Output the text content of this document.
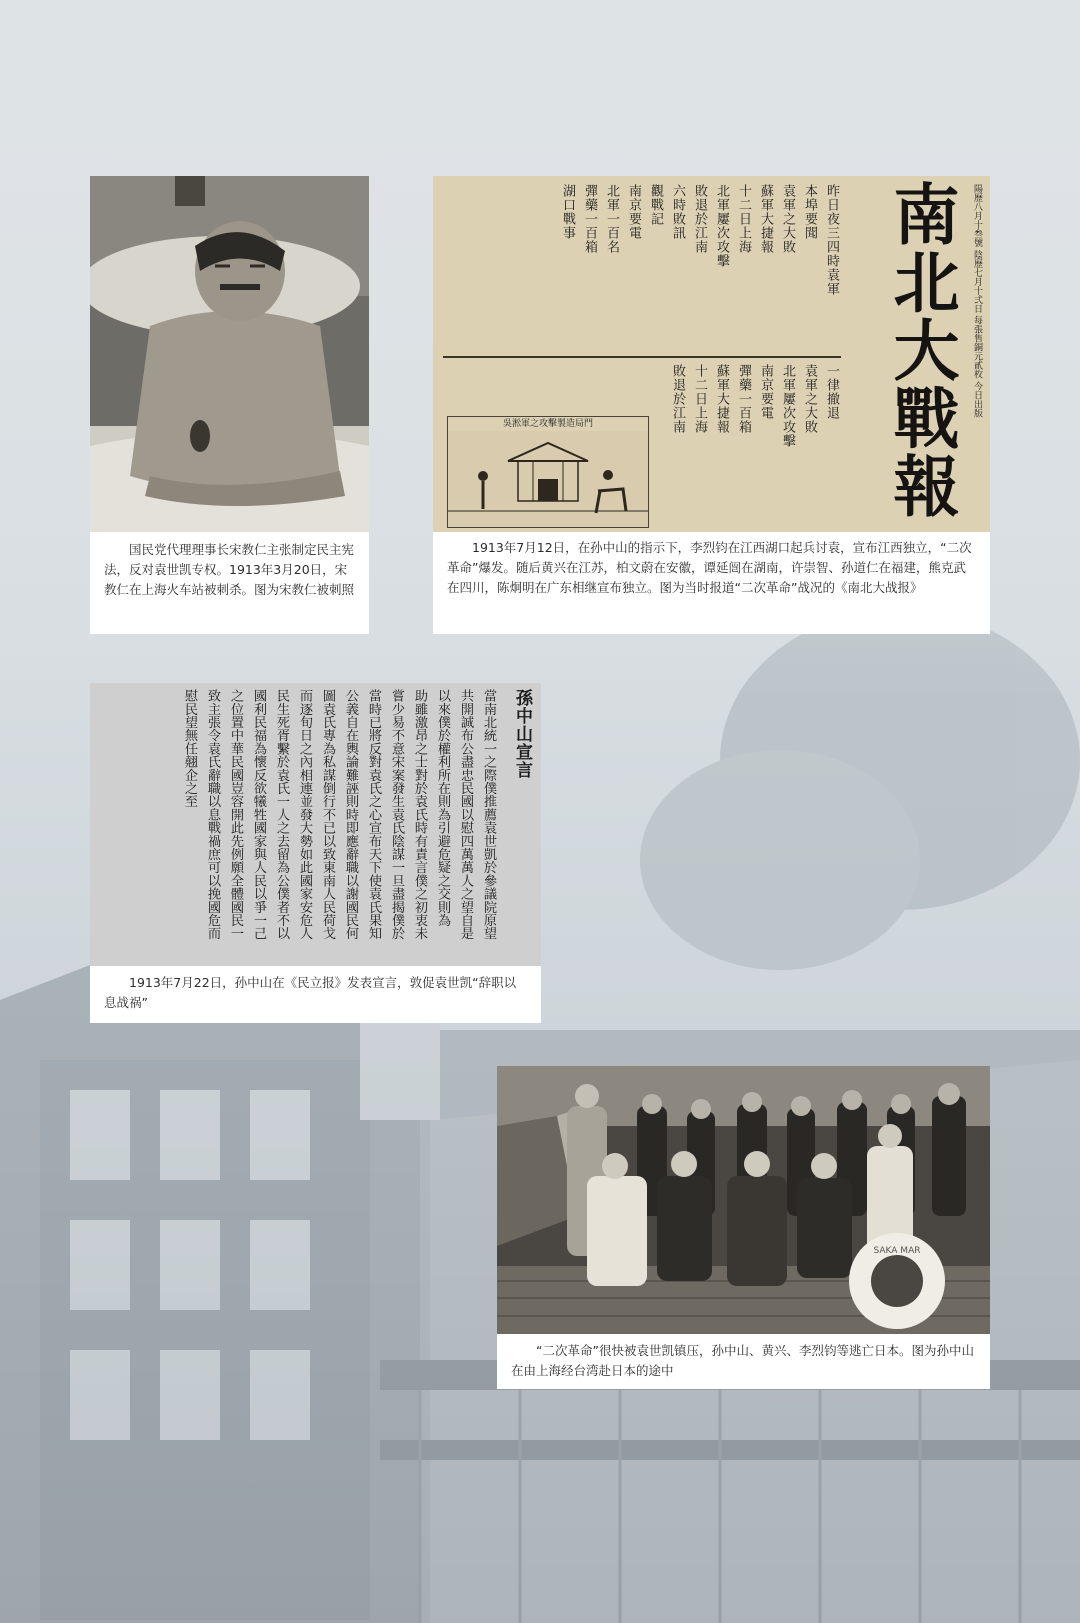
国民党代理理事长宋教仁主张制定民主宪法，反对袁世凯专权。1913年3月20日，宋教仁在上海火车站被刺杀。图为宋教仁被刺照

陽歷八月十叁號 陰歷七月十弍日 每張售銅元貳枚 今日出版
南北大戰報
昨日夜三四時袁軍
本埠要聞
袁軍之大敗
蘇軍大捷報
十二日上海
北軍屢次攻擊
敗退於江南
六時敗訊
觀戰記
南京要電
北軍一百名
彈藥一百箱
湖口戰事
一律撤退
袁軍之大敗
北軍屢次攻擊
南京要電
彈藥一百箱
蘇軍大捷報
十二日上海
敗退於江南
吳淞軍之攻擊製造局門

1913年7月12日，在孙中山的指示下，李烈钧在江西湖口起兵讨袁，宣布江西独立，“二次革命”爆发。随后黄兴在江苏，柏文蔚在安徽，谭延闿在湖南，许崇智、孙道仁在福建，熊克武在四川，陈炯明在广东相继宣布独立。图为当时报道“二次革命”战况的《南北大战报》

孫中山宣言
當南北統一之際僕推薦袁世凱於參議院原望
共開誠布公盡忠民國以慰四萬萬人之望自是
以來僕於權利所在則為引避危疑之交則為
助雖激昂之士對於袁氏時有責言僕之初衷未
嘗少易不意宋案發生袁氏陰謀一旦盡揭僕於
當時已將反對袁氏之心宣布天下使袁氏果知
公義自在輿論難誣則時即應辭職以謝國民何
圖袁氏專為私謀倒行不已以致東南人民荷戈
而逐旬日之內相連並發大勢如此國家安危人
民生死胥繫於袁氏一人之去留為公僕者不以
國利民福為懷反欲犧牲國家與人民以爭一己
之位置中華民國豈容開此先例願全體國民一
致主張令袁氏辭職以息戰禍庶可以挽國危而
慰民望無任翹企之至

1913年7月22日，孙中山在《民立报》发表宣言，敦促袁世凯“辞职以息战祸”

SAKA MAR

“二次革命”很快被袁世凯镇压，孙中山、黄兴、李烈钧等逃亡日本。图为孙中山在由上海经台湾赴日本的途中
